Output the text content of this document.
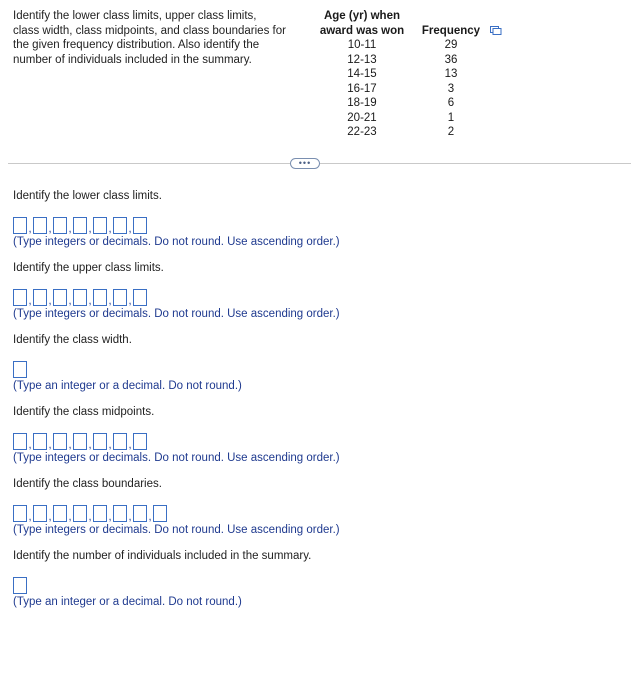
Identify the lower class limits, upper class limits,
class width, class midpoints, and class boundaries for
the given frequency distribution. Also identify the
number of individuals included in the summary.
Age (yr) when
award was won
10-11
12-13
14-15
16-17
18-19
20-21
22-23
Frequency
29
36
13
3
6
1
2
•••
Identify the lower class limits.
, , , , , ,
(Type integers or decimals. Do not round. Use ascending order.)
Identify the upper class limits.
, , , , , ,
(Type integers or decimals. Do not round. Use ascending order.)
Identify the class width.
(Type an integer or a decimal. Do not round.)
Identify the class midpoints.
, , , , , ,
(Type integers or decimals. Do not round. Use ascending order.)
Identify the class boundaries.
, , , , , , ,
(Type integers or decimals. Do not round. Use ascending order.)
Identify the number of individuals included in the summary.
(Type an integer or a decimal. Do not round.)
